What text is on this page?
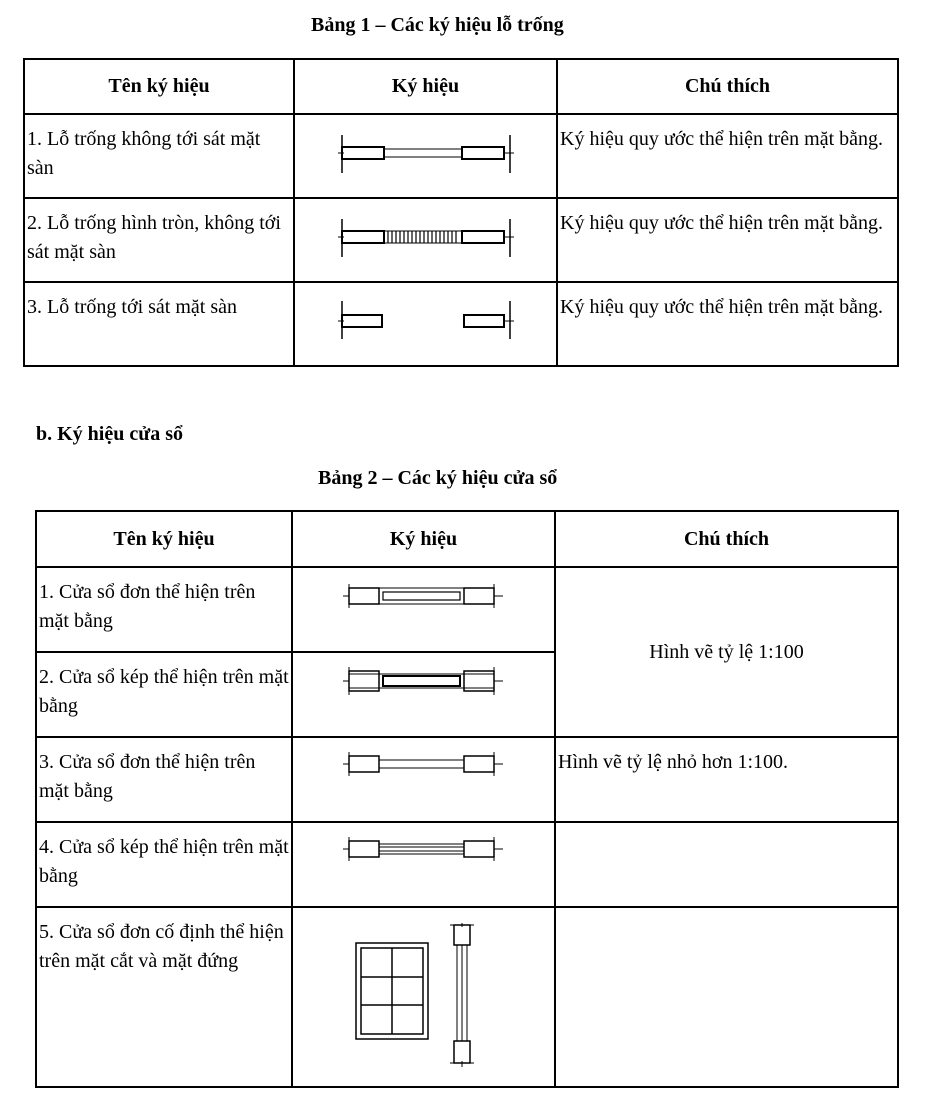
Bảng 1 – Các ký hiệu lỗ trống
Tên ký hiệu	Ký hiệu	Chú thích
1. Lỗ trống không tới sát mặt sàn		Ký hiệu quy ước thể hiện trên mặt bằng.
2. Lỗ trống hình tròn, không tới sát mặt sàn		Ký hiệu quy ước thể hiện trên mặt bằng.
3. Lỗ trống tới sát mặt sàn		Ký hiệu quy ước thể hiện trên mặt bằng.
b. Ký hiệu cửa sổ
Bảng 2 – Các ký hiệu cửa sổ
Tên ký hiệu	Ký hiệu	Chú thích
1. Cửa sổ đơn thể hiện trên mặt bằng		Hình vẽ tỷ lệ 1:100
2. Cửa sổ kép thể hiện trên mặt bằng	

3. Cửa sổ đơn thể hiện trên mặt bằng		Hình vẽ tỷ lệ nhỏ hơn 1:100.
4. Cửa sổ kép thể hiện trên mặt bằng	

5. Cửa sổ đơn cố định thể hiện trên mặt cắt và mặt đứng	
